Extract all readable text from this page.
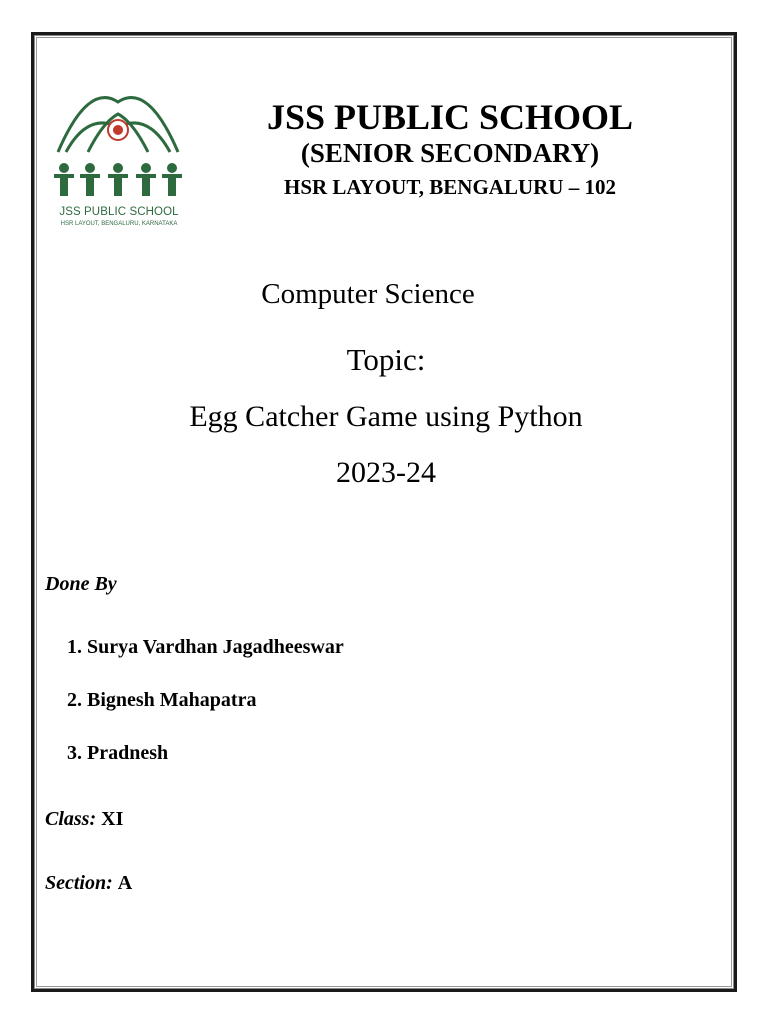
JSS PUBLIC SCHOOL
HSR LAYOUT, BENGALURU, KARNATAKA
JSS PUBLIC SCHOOL
(SENIOR SECONDARY)
HSR LAYOUT, BENGALURU – 102
Computer Science
Topic:
Egg Catcher Game using Python
2023-24
Done By
1. Surya Vardhan Jagadheeswar
2. Bignesh Mahapatra
3. Pradnesh
Class: XI
Section: A
